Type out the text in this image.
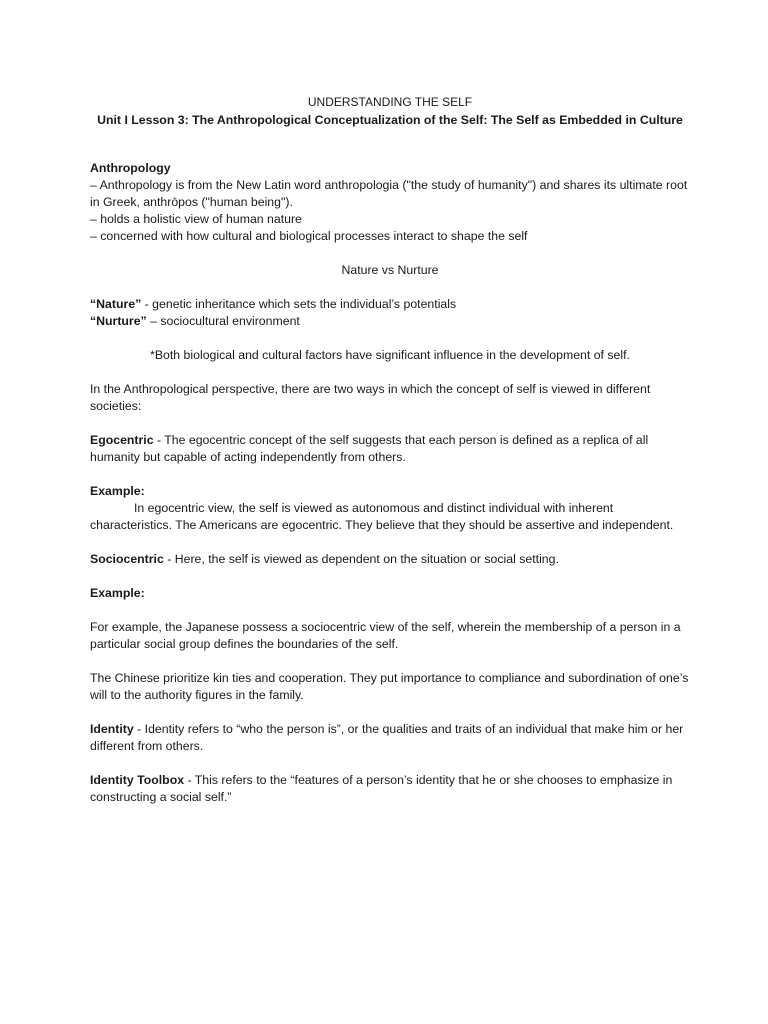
UNDERSTANDING THE SELF

Unit I Lesson 3: The Anthropological Conceptualization of the Self: The Self as Embedded in Culture

Anthropology

– Anthropology is from the New Latin word anthropologia ("the study of humanity") and shares its ultimate root in Greek, anthrōpos ("human being").

– holds a holistic view of human nature

– concerned with how cultural and biological processes interact to shape the self

Nature vs Nurture

“Nature” - genetic inheritance which sets the individual’s potentials

“Nurture” – sociocultural environment

*Both biological and cultural factors have significant influence in the development of self.

In the Anthropological perspective, there are two ways in which the concept of self is viewed in different societies:

Egocentric - The egocentric concept of the self suggests that each person is defined as a replica of all humanity but capable of acting independently from others.

Example:

In egocentric view, the self is viewed as autonomous and distinct individual with inherent characteristics. The Americans are egocentric. They believe that they should be assertive and independent.

Sociocentric - Here, the self is viewed as dependent on the situation or social setting.

Example:

For example, the Japanese possess a sociocentric view of the self, wherein the membership of a person in a particular social group defines the boundaries of the self.

The Chinese prioritize kin ties and cooperation. They put importance to compliance and subordination of one’s will to the authority figures in the family.

Identity - Identity refers to “who the person is”, or the qualities and traits of an individual that make him or her different from others.

Identity Toolbox - This refers to the “features of a person’s identity that he or she chooses to emphasize in constructing a social self.”
